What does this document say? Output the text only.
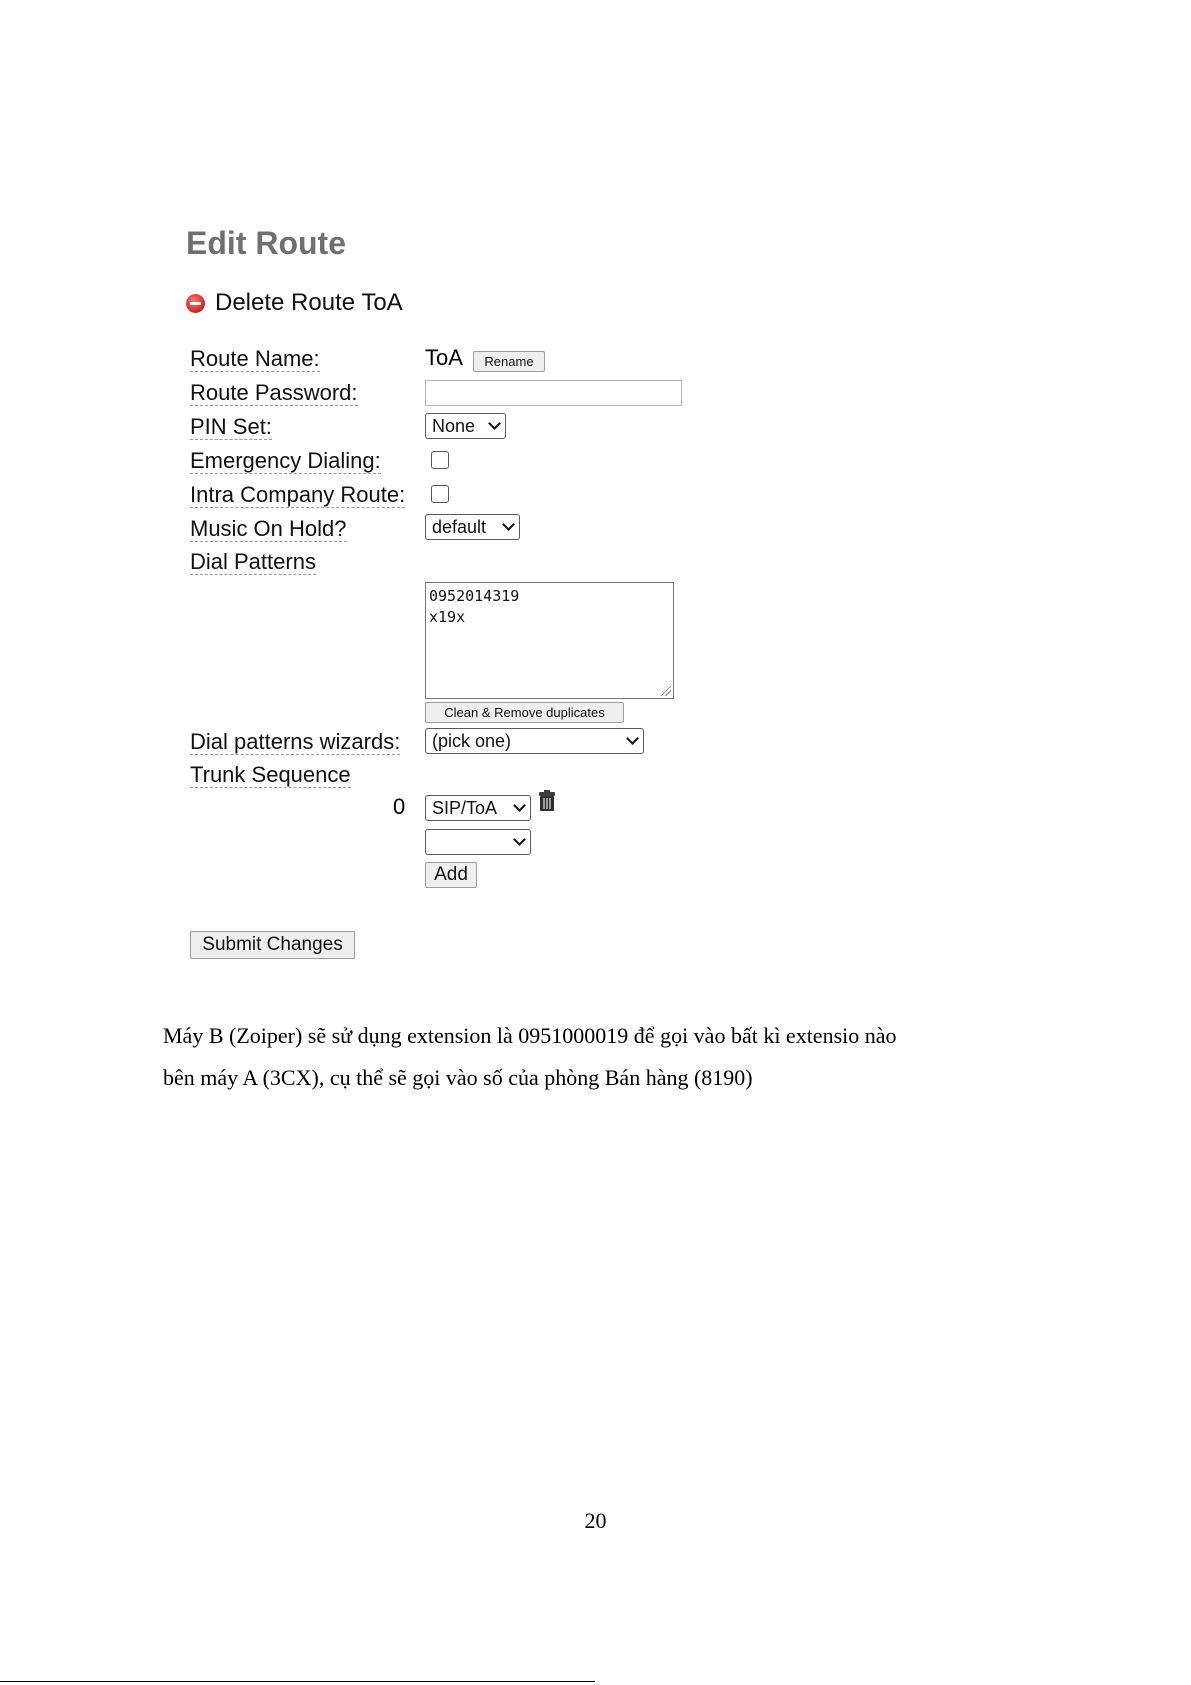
Edit Route
Delete Route ToA
Route Name:	ToA	Rename
Route Password:
PIN Set:	None
Emergency Dialing:
Intra Company Route:
Music On Hold?	default
Dial Patterns
0952014319
x19x
Clean & Remove duplicates
Dial patterns wizards: (pick one)
Trunk Sequence
0 SIP/ToA
Add
Submit Changes

Máy B (Zoiper) sẽ sử dụng extension là 0951000019 để gọi vào bất kì extensio nào

bên máy A (3CX), cụ thể sẽ gọi vào số của phòng Bán hàng (8190)

20
